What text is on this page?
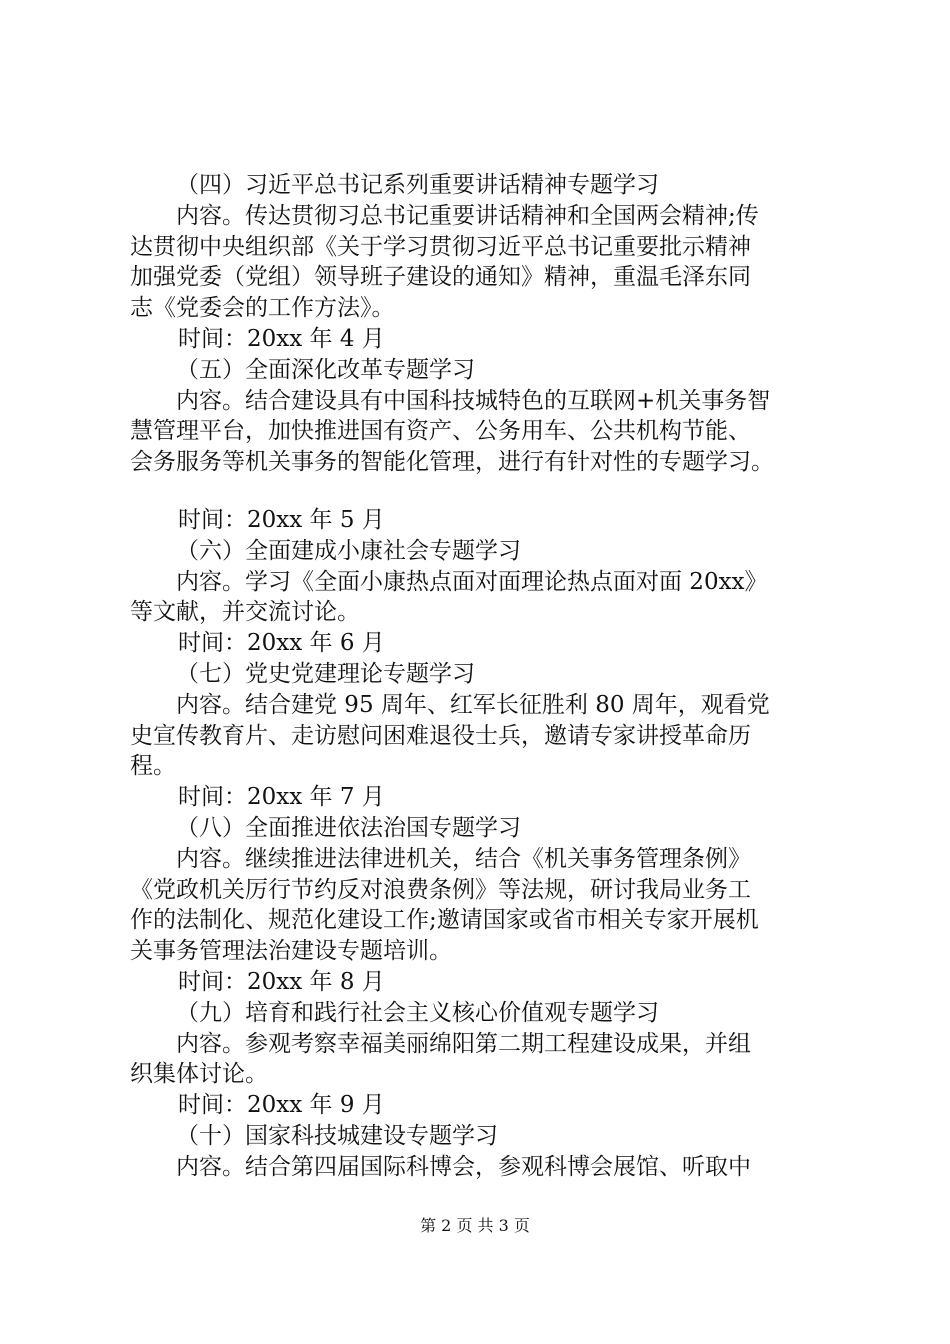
（四）习近平总书记系列重要讲话精神专题学习
内容。传达贯彻习总书记重要讲话精神和全国两会精神;传
达贯彻中央组织部《关于学习贯彻习近平总书记重要批示精神
加强党委（党组）领导班子建设的通知》精神，重温毛泽东同
志《党委会的工作方法》。
时间：20xx 年 4 月
（五）全面深化改革专题学习
内容。结合建设具有中国科技城特色的互联网+机关事务智
慧管理平台，加快推进国有资产、公务用车、公共机构节能、
会务服务等机关事务的智能化管理，进行有针对性的专题学习。
时间：20xx 年 5 月
（六）全面建成小康社会专题学习
内容。学习《全面小康热点面对面理论热点面对面 20xx》
等文献，并交流讨论。
时间：20xx 年 6 月
（七）党史党建理论专题学习
内容。结合建党 95 周年、红军长征胜利 80 周年，观看党
史宣传教育片、走访慰问困难退役士兵，邀请专家讲授革命历
程。
时间：20xx 年 7 月
（八）全面推进依法治国专题学习
内容。继续推进法律进机关，结合《机关事务管理条例》
《党政机关厉行节约反对浪费条例》等法规，研讨我局业务工
作的法制化、规范化建设工作;邀请国家或省市相关专家开展机
关事务管理法治建设专题培训。
时间：20xx 年 8 月
（九）培育和践行社会主义核心价值观专题学习
内容。参观考察幸福美丽绵阳第二期工程建设成果，并组
织集体讨论。
时间：20xx 年 9 月
（十）国家科技城建设专题学习
内容。结合第四届国际科博会，参观科博会展馆、听取中
第 2 页 共 3 页
